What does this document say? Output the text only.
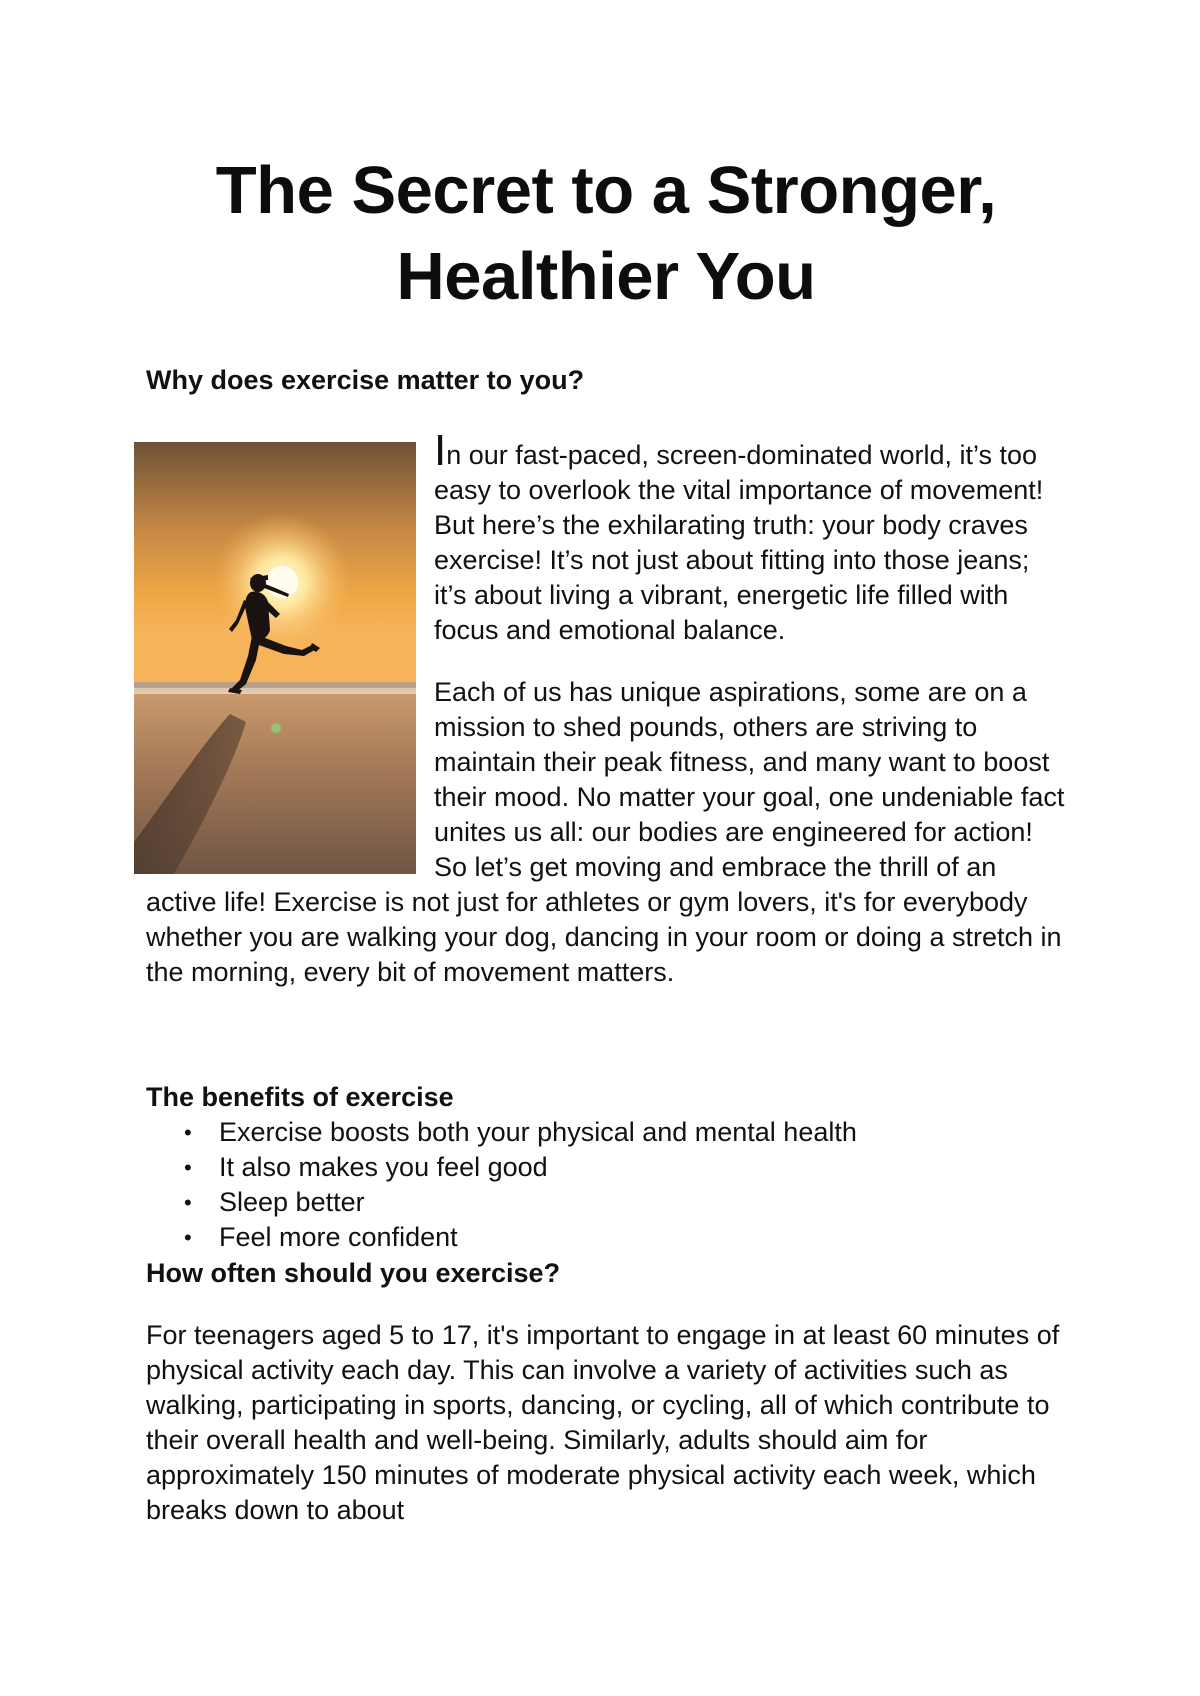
The Secret to a Stronger, Healthier You
Why does exercise matter to you?

In our fast-paced, screen-dominated world, it’s too easy to overlook the vital importance of movement! But here’s the exhilarating truth: your body craves exercise! It’s not just about fitting into those jeans; it’s about living a vibrant, energetic life filled with focus and emotional balance.

Each of us has unique aspirations, some are on a mission to shed pounds, others are striving to maintain their peak fitness, and many want to boost their mood. No matter your goal, one undeniable fact unites us all: our bodies are engineered for action! So let’s get moving and embrace the thrill of an active life! Exercise is not just for athletes or gym lovers, it's for everybody whether you are walking your dog, dancing in your room or doing a stretch in the morning, every bit of movement matters.

The benefits of exercise
• Exercise boosts both your physical and mental health
• It also makes you feel good
• Sleep better
• Feel more confident
How often should you exercise?

For teenagers aged 5 to 17, it's important to engage in at least 60 minutes of physical activity each day. This can involve a variety of activities such as walking, participating in sports, dancing, or cycling, all of which contribute to their overall health and well-being. Similarly, adults should aim for approximately 150 minutes of moderate physical activity each week, which breaks down to about
